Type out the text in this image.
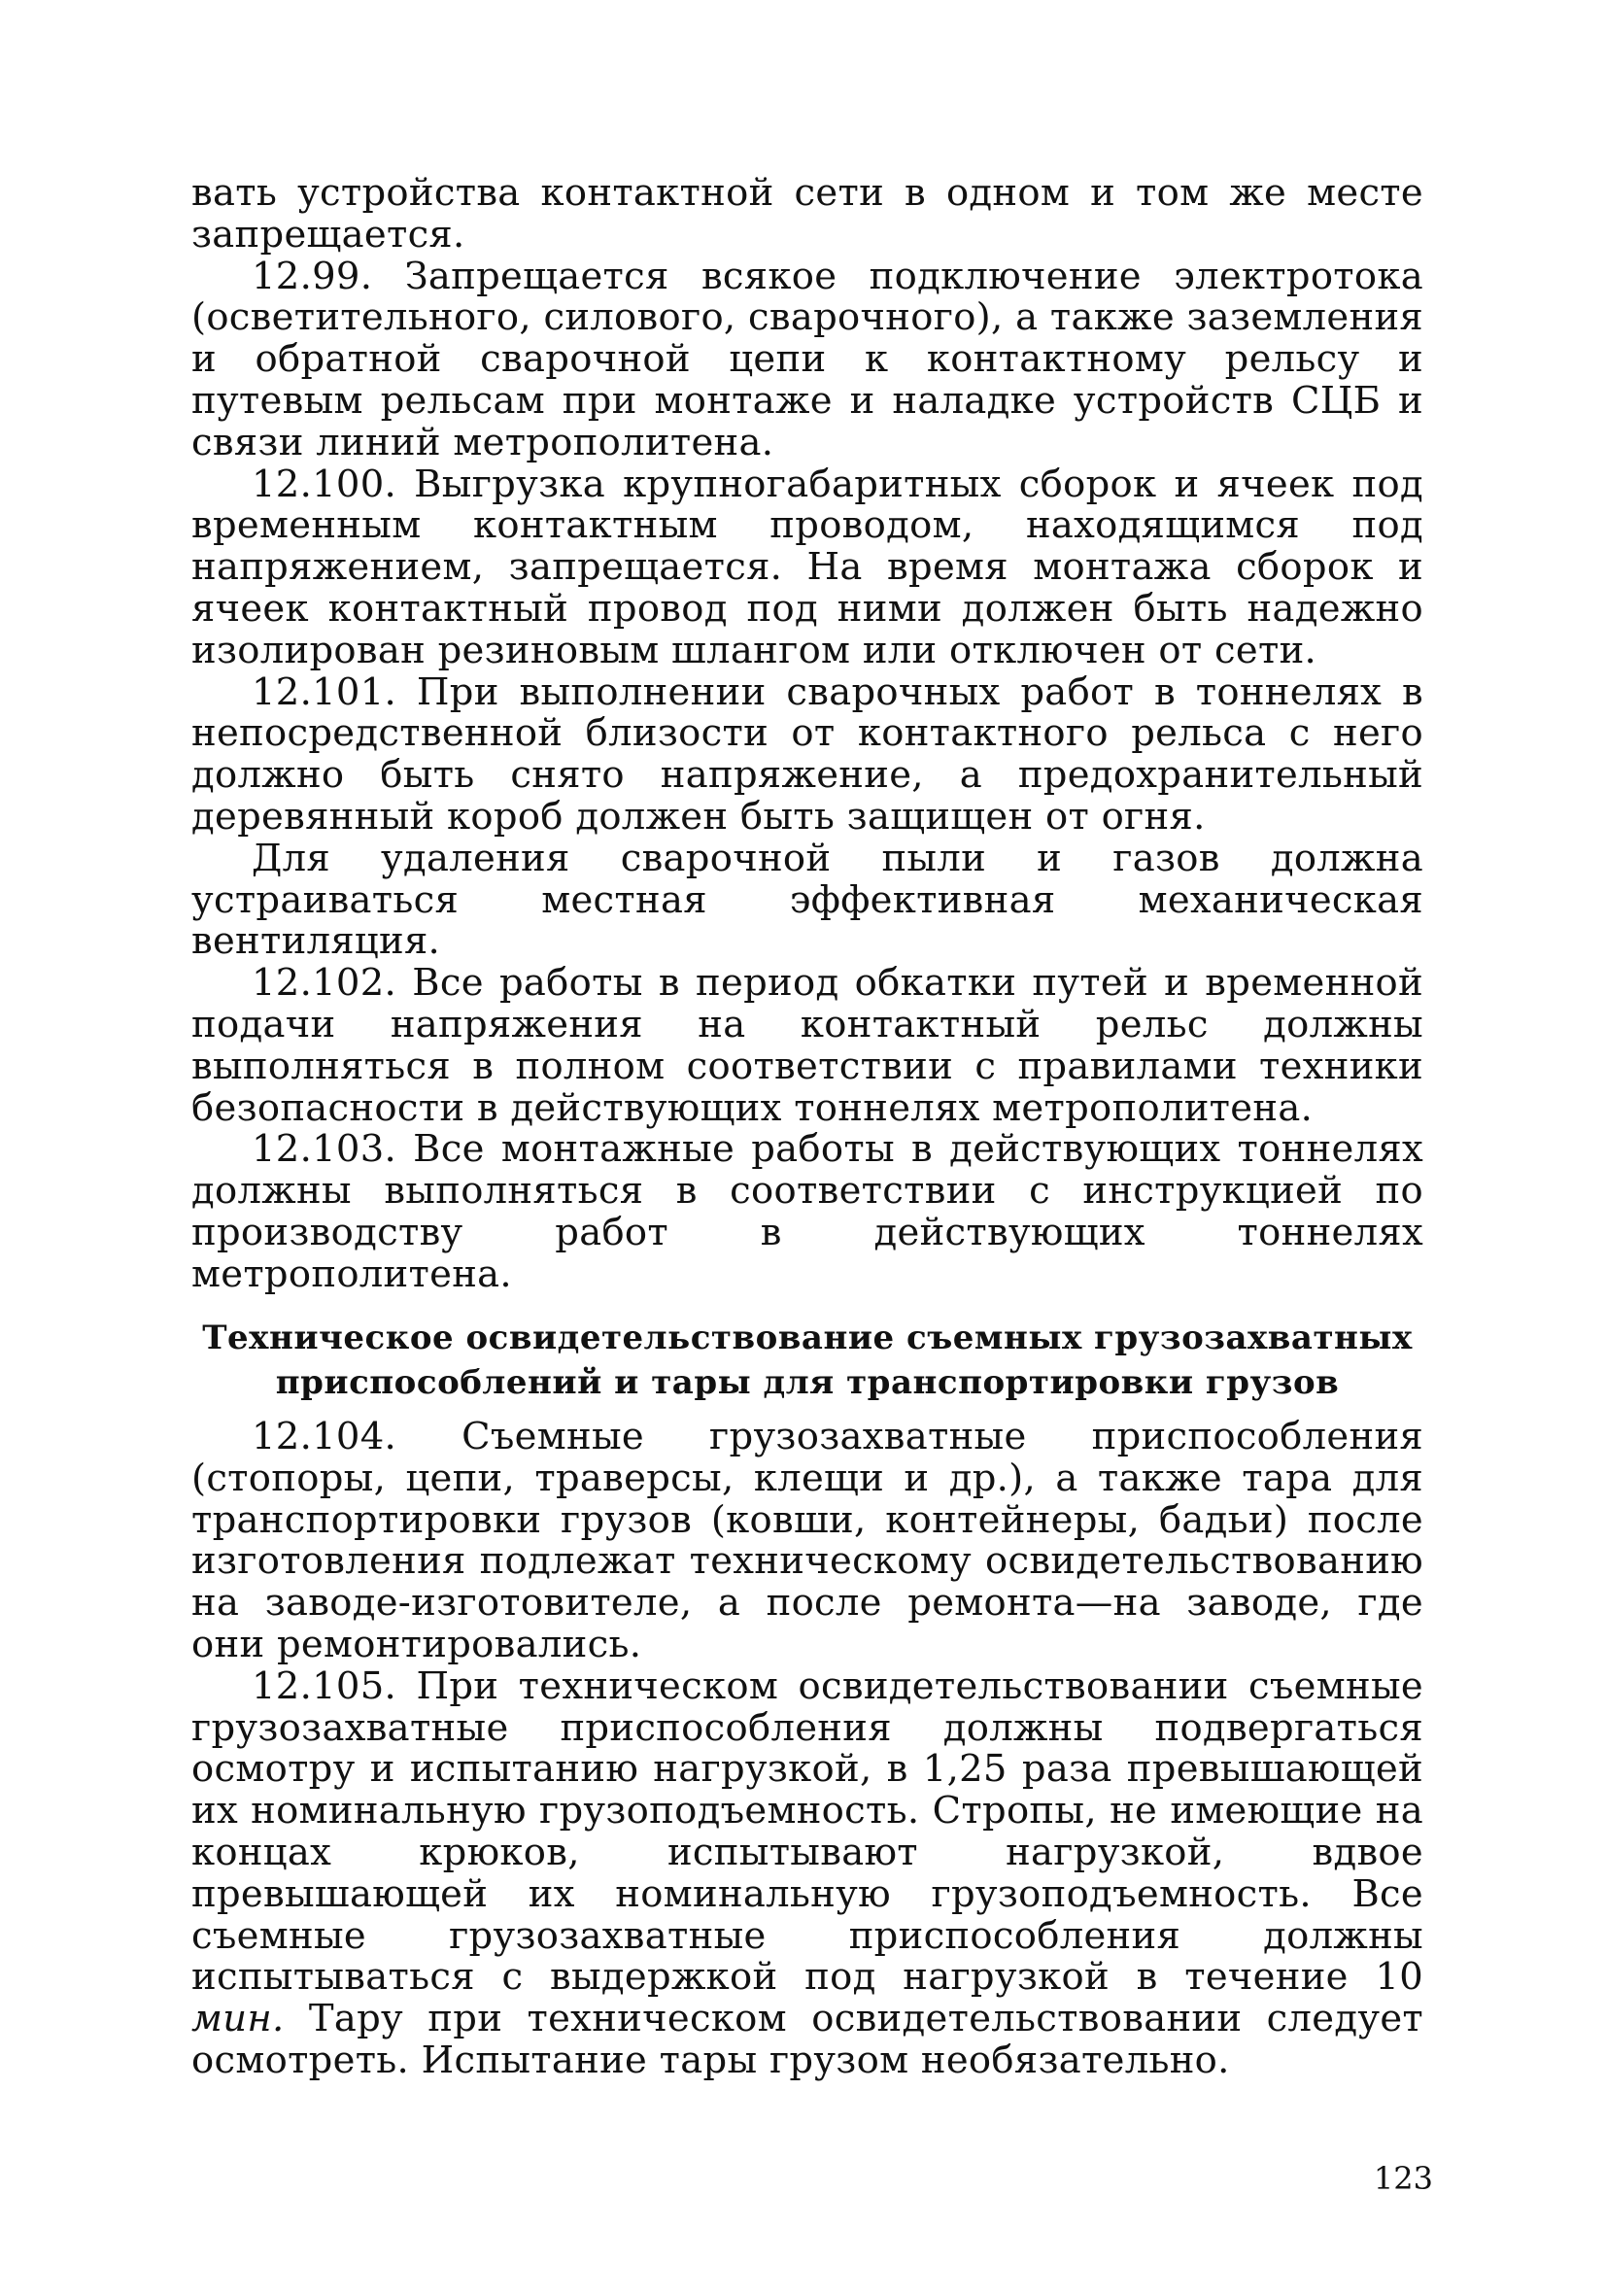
вать устройства контактной сети в одном и том же месте запрещается.

12.99. Запрещается всякое подключение электротока (осветительного, силового, сварочного), а также заземления и обратной сварочной цепи к контактному рельсу и путевым рельсам при монтаже и наладке устройств СЦБ и связи линий метрополитена.

12.100. Выгрузка крупногабаритных сборок и ячеек под временным контактным проводом, находящимся под напряжением, запрещается. На время монтажа сборок и ячеек контактный провод под ними должен быть надежно изолирован резиновым шлангом или отключен от сети.

12.101. При выполнении сварочных работ в тоннелях в непосредственной близости от контактного рельса с него должно быть снято напряжение, а предохранительный деревянный короб должен быть защищен от огня.

Для удаления сварочной пыли и газов должна устраиваться местная эффективная механическая вентиляция.

12.102. Все работы в период обкатки путей и временной подачи напряжения на контактный рельс должны выполняться в полном соответствии с правилами техники безопасности в действующих тоннелях метрополитена.

12.103. Все монтажные работы в действующих тоннелях должны выполняться в соответствии с инструкцией по производству работ в действующих тоннелях метрополитена.

Техническое освидетельствование съемных грузозахватных
приспособлений и тары для транспортировки грузов

12.104. Съемные грузозахватные приспособления (стопоры, цепи, траверсы, клещи и др.), а также тара для транспортировки грузов (ковши, контейнеры, бадьи) после изготовления подлежат техническому освидетельствованию на заводе-изготовителе, а после ремонта—на заводе, где они ремонтировались.

12.105. При техническом освидетельствовании съемные грузозахватные приспособления должны подвергаться осмотру и испытанию нагрузкой, в 1,25 раза превышающей их номинальную грузоподъемность. Стропы, не имеющие на концах крюков, испытывают нагрузкой, вдвое превышающей их номинальную грузоподъемность. Все съемные грузозахватные приспособления должны испытываться с выдержкой под нагрузкой в течение 10 мин. Тару при техническом освидетельствовании следует осмотреть. Испытание тары грузом необязательно.

123
